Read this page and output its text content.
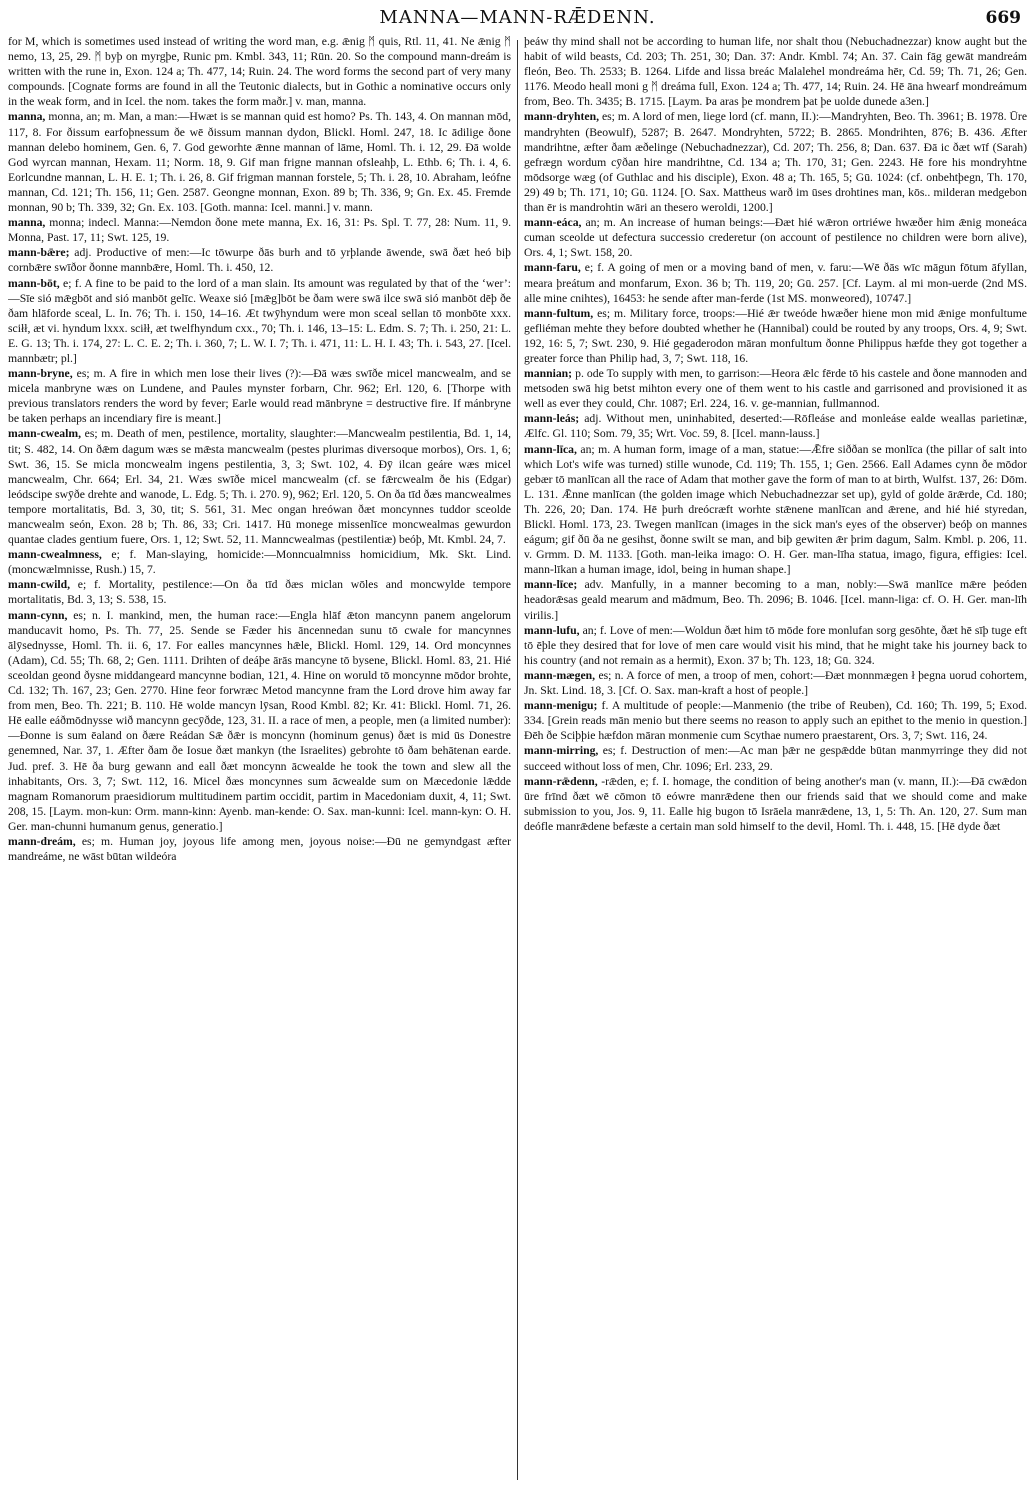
MANNA—MANN-RǢDENN.	669

for M, which is sometimes used instead of writing the word man, e.g. ǣnig ᛗ quis, Rtl. 11, 41. Ne ǣnig ᛗ nemo, 13, 25, 29. ᛗ byþ on myrgþe, Runic pm. Kmbl. 343, 11; Rūn. 20. So the compound mann-dreám is written with the rune in, Exon. 124 a; Th. 477, 14; Ruin. 24. The word forms the second part of very many compounds. [Cognate forms are found in all the Teutonic dialects, but in Gothic a nominative occurs only in the weak form, and in Icel. the nom. takes the form maðr.] v. man, manna.

manna, monna, an; m. Man, a man:—Hwæt is se mannan quid est homo? Ps. Th. 143, 4. On mannan mōd, 117, 8. For ðissum earfoþnessum ðe wē ðissum mannan dydon, Blickl. Homl. 247, 18. Ic ādilige ðone mannan delebo hominem, Gen. 6, 7. God geworhte ǣnne mannan of lāme, Homl. Th. i. 12, 29. Ðā wolde God wyrcan mannan, Hexam. 11; Norm. 18, 9. Gif man frigne mannan ofsleahþ, L. Ethb. 6; Th. i. 4, 6. Eorlcundne mannan, L. H. E. 1; Th. i. 26, 8. Gif frigman mannan forstele, 5; Th. i. 28, 10. Abraham, leófne mannan, Cd. 121; Th. 156, 11; Gen. 2587. Geongne monnan, Exon. 89 b; Th. 336, 9; Gn. Ex. 45. Fremde monnan, 90 b; Th. 339, 32; Gn. Ex. 103. [Goth. manna: Icel. manni.] v. mann.

manna, monna; indecl. Manna:—Nemdon ðone mete manna, Ex. 16, 31: Ps. Spl. T. 77, 28: Num. 11, 9. Monna, Past. 17, 11; Swt. 125, 19.

mann-bǣre; adj. Productive of men:—Ic tōwurpe ðās burh and tō yrþlande āwende, swā ðæt heó biþ cornbǣre swīðor ðonne mannbǣre, Homl. Th. i. 450, 12.

mann-bōt, e; f. A fine to be paid to the lord of a man slain. Its amount was regulated by that of the ‘wer’:—Sīe sió mǣgbōt and sió manbōt gelīc. Weaxe sió [mǣg]bōt be ðam were swā ilce swā sió manbōt dēþ ðe ðam hlāforde sceal, L. In. 76; Th. i. 150, 14–16. Æt twȳhyndum were mon sceal sellan tō monbōte xxx. sciłł, æt vi. hyndum lxxx. sciłł, æt twelfhyndum cxx., 70; Th. i. 146, 13–15: L. Edm. S. 7; Th. i. 250, 21: L. E. G. 13; Th. i. 174, 27: L. C. E. 2; Th. i. 360, 7; L. W. I. 7; Th. i. 471, 11: L. H. I. 43; Th. i. 543, 27. [Icel. mannbætr; pl.]

mann-bryne, es; m. A fire in which men lose their lives (?):—Ðā wæs swīðe micel mancwealm, and se micela manbryne wæs on Lundene, and Paules mynster forbarn, Chr. 962; Erl. 120, 6. [Thorpe with previous translators renders the word by fever; Earle would read mānbryne = destructive fire. If mánbryne be taken perhaps an incendiary fire is meant.]

mann-cwealm, es; m. Death of men, pestilence, mortality, slaughter:—Mancwealm pestilentia, Bd. 1, 14, tit; S. 482, 14. On ðǣm dagum wæs se mǣsta mancwealm (pestes plurimas diversoque morbos), Ors. 1, 6; Swt. 36, 15. Se micla moncwealm ingens pestilentia, 3, 3; Swt. 102, 4. Ðȳ ilcan geáre wæs micel mancwealm, Chr. 664; Erl. 34, 21. Wæs swīðe micel mancwealm (cf. se fǣrcwealm ðe his (Edgar) leódscipe swȳðe drehte and wanode, L. Edg. 5; Th. i. 270. 9), 962; Erl. 120, 5. On ða tīd ðæs mancwealmes tempore mortalitatis, Bd. 3, 30, tit; S. 561, 31. Mec ongan hreówan ðæt moncynnes tuddor sceolde mancwealm seón, Exon. 28 b; Th. 86, 33; Cri. 1417. Hū monege missenlīce moncwealmas gewurdon quantae clades gentium fuere, Ors. 1, 12; Swt. 52, 11. Manncwealmas (pestilentiæ) beóþ, Mt. Kmbl. 24, 7.

mann-cwealmness, e; f. Man-slaying, homicide:—Monncualmniss homicidium, Mk. Skt. Lind. (moncwælmnisse, Rush.) 15, 7.

mann-cwild, e; f. Mortality, pestilence:—On ða tīd ðæs miclan wōles and moncwylde tempore mortalitatis, Bd. 3, 13; S. 538, 15.

mann-cynn, es; n. I. mankind, men, the human race:—Engla hlāf ǣton mancynn panem angelorum manducavit homo, Ps. Th. 77, 25. Sende se Fæder his āncennedan sunu tō cwale for mancynnes ālȳsednysse, Homl. Th. ii. 6, 17. For ealles mancynnes hǣle, Blickl. Homl. 129, 14. Ord moncynnes (Adam), Cd. 55; Th. 68, 2; Gen. 1111. Drihten of deáþe ārās mancyne tō bysene, Blickl. Homl. 83, 21. Hié sceoldan geond ðysne middangeard mancynne bodian, 121, 4. Hine on woruld tō moncynne mōdor brohte, Cd. 132; Th. 167, 23; Gen. 2770. Hine feor forwræc Metod mancynne fram the Lord drove him away far from men, Beo. Th. 221; B. 110. Hē wolde mancyn lȳsan, Rood Kmbl. 82; Kr. 41: Blickl. Homl. 71, 26. Hē ealle eáðmōdnysse wið mancynn gecȳðde, 123, 31. II. a race of men, a people, men (a limited number):—Ðonne is sum ēaland on ðære Reádan Sǣ ðǣr is moncynn (hominum genus) ðæt is mid ūs Donestre genemned, Nar. 37, 1. Æfter ðam ðe Iosue ðæt mankyn (the Israelites) gebrohte tō ðam behātenan earde. Jud. pref. 3. Hē ða burg gewann and eall ðæt moncynn ācwealde he took the town and slew all the inhabitants, Ors. 3, 7; Swt. 112, 16. Micel ðæs moncynnes sum ācwealde sum on Mæcedonie lǣdde magnam Romanorum praesidiorum multitudinem partim occidit, partim in Macedoniam duxit, 4, 11; Swt. 208, 15. [Laym. mon-kun: Orm. mann-kinn: Ayenb. man-kende: O. Sax. man-kunni: Icel. mann-kyn: O. H. Ger. man-chunni humanum genus, generatio.]

mann-dreám, es; m. Human joy, joyous life among men, joyous noise:—Ðū ne gemyndgast æfter mandreáme, ne wāst būtan wildeóra

þeáw thy mind shall not be according to human life, nor shalt thou (Nebuchadnezzar) know aught but the habit of wild beasts, Cd. 203; Th. 251, 30; Dan. 37: Andr. Kmbl. 74; An. 37. Cain fāg gewāt mandreám fleón, Beo. Th. 2533; B. 1264. Lifde and lissa breác Malalehel mondreáma hēr, Cd. 59; Th. 71, 26; Gen. 1176. Meodo heall moni g ᛗ dreáma full, Exon. 124 a; Th. 477, 14; Ruin. 24. Hē āna hwearf mondreámum from, Beo. Th. 3435; B. 1715. [Laym. Þa aras þe mondrem þat þe uolde dunede a3en.]

mann-dryhten, es; m. A lord of men, liege lord (cf. mann, II.):—Mandryhten, Beo. Th. 3961; B. 1978. Ūre mandryhten (Beowulf), 5287; B. 2647. Mondryhten, 5722; B. 2865. Mondrihten, 876; B. 436. Æfter mandrihtne, æfter ðam æðelinge (Nebuchadnezzar), Cd. 207; Th. 256, 8; Dan. 637. Ðā ic ðæt wīf (Sarah) gefrægn wordum cȳðan hire mandrihtne, Cd. 134 a; Th. 170, 31; Gen. 2243. Hē fore his mondryhtne mōdsorge wæg (of Guthlac and his disciple), Exon. 48 a; Th. 165, 5; Gū. 1024: (cf. onbehtþegn, Th. 170, 29) 49 b; Th. 171, 10; Gū. 1124. [O. Sax. Mattheus warð im ūses drohtines man, kōs.. milderan medgebon than ēr is mandrohtin wāri an thesero weroldi, 1200.]

mann-eáca, an; m. An increase of human beings:—Ðæt hié wǣron ortriéwe hwæðer him ǣnig moneáca cuman sceolde ut defectura successio crederetur (on account of pestilence no children were born alive), Ors. 4, 1; Swt. 158, 20.

mann-faru, e; f. A going of men or a moving band of men, v. faru:—Wē ðās wīc māgun fōtum āfyllan, meara þreátum and monfarum, Exon. 36 b; Th. 119, 20; Gū. 257. [Cf. Laym. al mi mon-uerde (2nd MS. alle mine cnihtes), 16453: he sende after man-ferde (1st MS. monweored), 10747.]

mann-fultum, es; m. Military force, troops:—Hié ǣr tweóde hwæðer hiene mon mid ǣnige monfultume gefliéman mehte they before doubted whether he (Hannibal) could be routed by any troops, Ors. 4, 9; Swt. 192, 16: 5, 7; Swt. 230, 9. Hié gegaderodon māran monfultum ðonne Philippus hæfde they got together a greater force than Philip had, 3, 7; Swt. 118, 16.

mannian; p. ode To supply with men, to garrison:—Heora ǣlc fērde tō his castele and ðone mannoden and metsoden swā hig betst mihton every one of them went to his castle and garrisoned and provisioned it as well as ever they could, Chr. 1087; Erl. 224, 16. v. ge-mannian, fullmannod.

mann-leás; adj. Without men, uninhabited, deserted:—Rōfleáse and monleáse ealde weallas parietinæ, Ælfc. Gl. 110; Som. 79, 35; Wrt. Voc. 59, 8. [Icel. mann-lauss.]

mann-līca, an; m. A human form, image of a man, statue:—Ǣfre siððan se monlīca (the pillar of salt into which Lot's wife was turned) stille wunode, Cd. 119; Th. 155, 1; Gen. 2566. Eall Adames cynn ðe mōdor gebær tō manlīcan all the race of Adam that mother gave the form of man to at birth, Wulfst. 137, 26: Dōm. L. 131. Ǣnne manlīcan (the golden image which Nebuchadnezzar set up), gyld of golde ārǣrde, Cd. 180; Th. 226, 20; Dan. 174. Hē þurh dreócræft worhte stǣnene manlīcan and ǣrene, and hié hié styredan, Blickl. Homl. 173, 23. Twegen manlīcan (images in the sick man's eyes of the observer) beóþ on mannes eágum; gif ðū ða ne gesihst, ðonne swilt se man, and biþ gewiten ǣr þrim dagum, Salm. Kmbl. p. 206, 11. v. Grmm. D. M. 1133. [Goth. man-leika imago: O. H. Ger. man-līha statua, imago, figura, effigies: Icel. mann-līkan a human image, idol, being in human shape.]

mann-līce; adv. Manfully, in a manner becoming to a man, nobly:—Swā manlīce mǣre þeóden headorǣsas geald mearum and mādmum, Beo. Th. 2096; B. 1046. [Icel. mann-liga: cf. O. H. Ger. man-līh virilis.]

mann-lufu, an; f. Love of men:—Woldun ðæt him tō mōde fore monlufan sorg gesōhte, ðæt hē sīþ tuge eft tō ēþle they desired that for love of men care would visit his mind, that he might take his journey back to his country (and not remain as a hermit), Exon. 37 b; Th. 123, 18; Gū. 324.

mann-mægen, es; n. A force of men, a troop of men, cohort:—Ðæt monnmægen ł þegna uorud cohortem, Jn. Skt. Lind. 18, 3. [Cf. O. Sax. man-kraft a host of people.]

mann-menigu; f. A multitude of people:—Manmenio (the tribe of Reuben), Cd. 160; Th. 199, 5; Exod. 334. [Grein reads mān menio but there seems no reason to apply such an epithet to the menio in question.] Ðēh ðe Sciþþie hæfdon māran monmenie cum Scythae numero praestarent, Ors. 3, 7; Swt. 116, 24.

mann-mirring, es; f. Destruction of men:—Ac man þǣr ne gespǣdde būtan manmyrringe they did not succeed without loss of men, Chr. 1096; Erl. 233, 29.

mann-rǣdenn, -rǣden, e; f. I. homage, the condition of being another's man (v. mann, II.):—Ðā cwǣdon ūre frīnd ðæt wē cōmon tō eówre manrǣdene then our friends said that we should come and make submission to you, Jos. 9, 11. Ealle hig bugon tō Isrāela manrǣdene, 13, 1, 5: Th. An. 120, 27. Sum man deófle manrǣdene befæste a certain man sold himself to the devil, Homl. Th. i. 448, 15. [Hē dyde ðæt
